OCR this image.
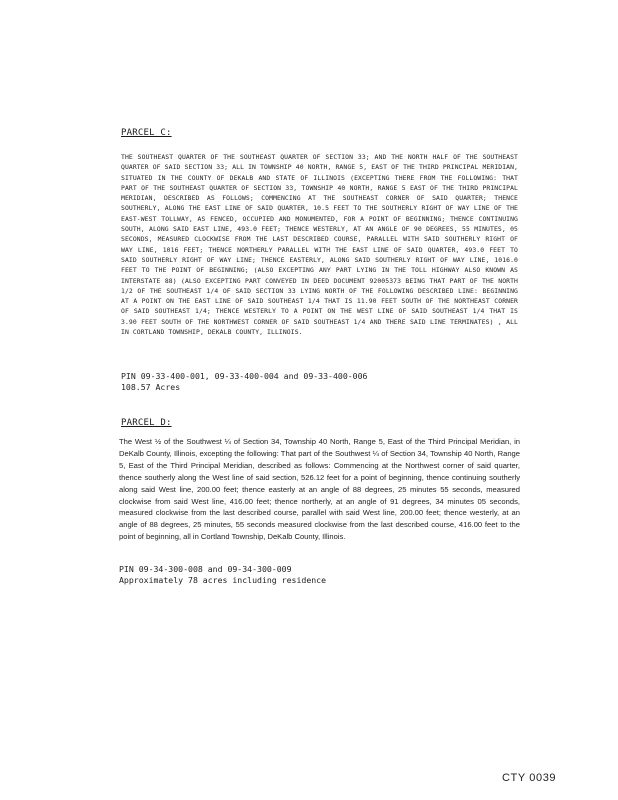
PARCEL C:
THE SOUTHEAST QUARTER OF THE SOUTHEAST QUARTER OF SECTION 33; AND THE NORTH HALF OF THE SOUTHEAST QUARTER OF SAID SECTION 33; ALL IN TOWNSHIP 40 NORTH, RANGE 5, EAST OF THE THIRD PRINCIPAL MERIDIAN, SITUATED IN THE COUNTY OF DEKALB AND STATE OF ILLINOIS (EXCEPTING THERE FROM THE FOLLOWING: THAT PART OF THE SOUTHEAST QUARTER OF SECTION 33, TOWNSHIP 40 NORTH, RANGE 5 EAST OF THE THIRD PRINCIPAL MERIDIAN, DESCRIBED AS FOLLOWS; COMMENCING AT THE SOUTHEAST CORNER OF SAID QUARTER; THENCE SOUTHERLY, ALONG THE EAST LINE OF SAID QUARTER, 10.5 FEET TO THE SOUTHERLY RIGHT OF WAY LINE OF THE EAST-WEST TOLLWAY, AS FENCED, OCCUPIED AND MONUMENTED, FOR A POINT OF BEGINNING; THENCE CONTINUING SOUTH, ALONG SAID EAST LINE, 493.0 FEET; THENCE WESTERLY, AT AN ANGLE OF 90 DEGREES, 55 MINUTES, 05 SECONDS, MEASURED CLOCKWISE FROM THE LAST DESCRIBED COURSE, PARALLEL WITH SAID SOUTHERLY RIGHT OF WAY LINE, 1016 FEET; THENCE NORTHERLY PARALLEL WITH THE EAST LINE OF SAID QUARTER, 493.0 FEET TO SAID SOUTHERLY RIGHT OF WAY LINE; THENCE EASTERLY, ALONG SAID SOUTHERLY RIGHT OF WAY LINE, 1016.0 FEET TO THE POINT OF BEGINNING; (ALSO EXCEPTING ANY PART LYING IN THE TOLL HIGHWAY ALSO KNOWN AS INTERSTATE 88) (ALSO EXCEPTING PART CONVEYED IN DEED DOCUMENT 92005373 BEING THAT PART OF THE NORTH 1/2 OF THE SOUTHEAST 1/4 OF SAID SECTION 33 LYING NORTH OF THE FOLLOWING DESCRIBED LINE: BEGINNING AT A POINT ON THE EAST LINE OF SAID SOUTHEAST 1/4 THAT IS 11.90 FEET SOUTH OF THE NORTHEAST CORNER OF SAID SOUTHEAST 1/4; THENCE WESTERLY TO A POINT ON THE WEST LINE OF SAID SOUTHEAST 1/4 THAT IS 3.90 FEET SOUTH OF THE NORTHWEST CORNER OF SAID SOUTHEAST 1/4 AND THERE SAID LINE TERMINATES) , ALL IN CORTLAND TOWNSHIP, DEKALB COUNTY, ILLINOIS.
PIN 09-33-400-001, 09-33-400-004 and 09-33-400-006
108.57 Acres
PARCEL D:
The West ½ of the Southwest ¼ of Section 34, Township 40 North, Range 5, East of the Third Principal Meridian, in DeKalb County, Illinois, excepting the following: That part of the Southwest ¼ of Section 34, Township 40 North, Range 5, East of the Third Principal Meridian, described as follows: Commencing at the Northwest corner of said quarter, thence southerly along the West line of said section, 526.12 feet for a point of beginning, thence continuing southerly along said West line, 200.00 feet; thence easterly at an angle of 88 degrees, 25 minutes 55 seconds, measured clockwise from said West line, 416.00 feet; thence northerly, at an angle of 91 degrees, 34 minutes 05 seconds, measured clockwise from the last described course, parallel with said West line, 200.00 feet; thence westerly, at an angle of 88 degrees, 25 minutes, 55 seconds measured clockwise from the last described course, 416.00 feet to the point of beginning, all in Cortland Township, DeKalb County, Illinois.
PIN 09-34-300-008 and 09-34-300-009
Approximately 78 acres including residence
CTY 0039
